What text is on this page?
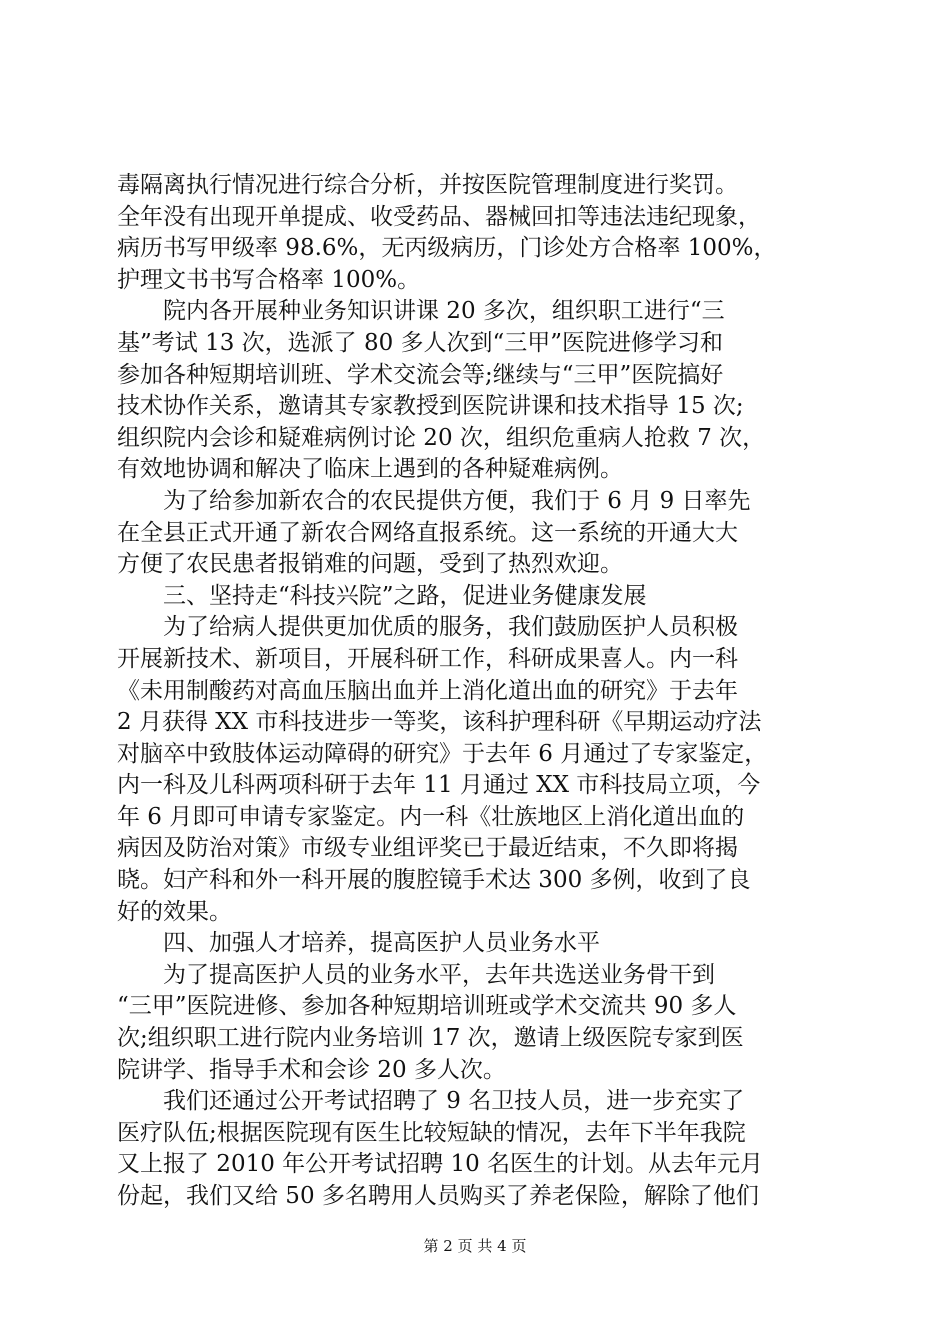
毒隔离执行情况进行综合分析，并按医院管理制度进行奖罚。
全年没有出现开单提成、收受药品、器械回扣等违法违纪现象，
病历书写甲级率 98.6%，无丙级病历，门诊处方合格率 100%，
护理文书书写合格率 100%。
　　院内各开展种业务知识讲课 20 多次，组织职工进行“三
基”考试 13 次，选派了 80 多人次到“三甲”医院进修学习和
参加各种短期培训班、学术交流会等;继续与“三甲”医院搞好
技术协作关系，邀请其专家教授到医院讲课和技术指导 15 次;
组织院内会诊和疑难病例讨论 20 次，组织危重病人抢救 7 次，
有效地协调和解决了临床上遇到的各种疑难病例。
　　为了给参加新农合的农民提供方便，我们于 6 月 9 日率先
在全县正式开通了新农合网络直报系统。这一系统的开通大大
方便了农民患者报销难的问题，受到了热烈欢迎。
　　三、坚持走“科技兴院”之路，促进业务健康发展
　　为了给病人提供更加优质的服务，我们鼓励医护人员积极
开展新技术、新项目，开展科研工作，科研成果喜人。内一科
《未用制酸药对高血压脑出血并上消化道出血的研究》于去年
2 月获得 XX 市科技进步一等奖，该科护理科研《早期运动疗法
对脑卒中致肢体运动障碍的研究》于去年 6 月通过了专家鉴定，
内一科及儿科两项科研于去年 11 月通过 XX 市科技局立项，今
年 6 月即可申请专家鉴定。内一科《壮族地区上消化道出血的
病因及防治对策》市级专业组评奖已于最近结束，不久即将揭
晓。妇产科和外一科开展的腹腔镜手术达 300 多例，收到了良
好的效果。
　　四、加强人才培养，提高医护人员业务水平
　　为了提高医护人员的业务水平，去年共选送业务骨干到
“三甲”医院进修、参加各种短期培训班或学术交流共 90 多人
次;组织职工进行院内业务培训 17 次，邀请上级医院专家到医
院讲学、指导手术和会诊 20 多人次。
　　我们还通过公开考试招聘了 9 名卫技人员，进一步充实了
医疗队伍;根据医院现有医生比较短缺的情况，去年下半年我院
又上报了 2010 年公开考试招聘 10 名医生的计划。从去年元月
份起，我们又给 50 多名聘用人员购买了养老保险，解除了他们
第 2 页 共 4 页
